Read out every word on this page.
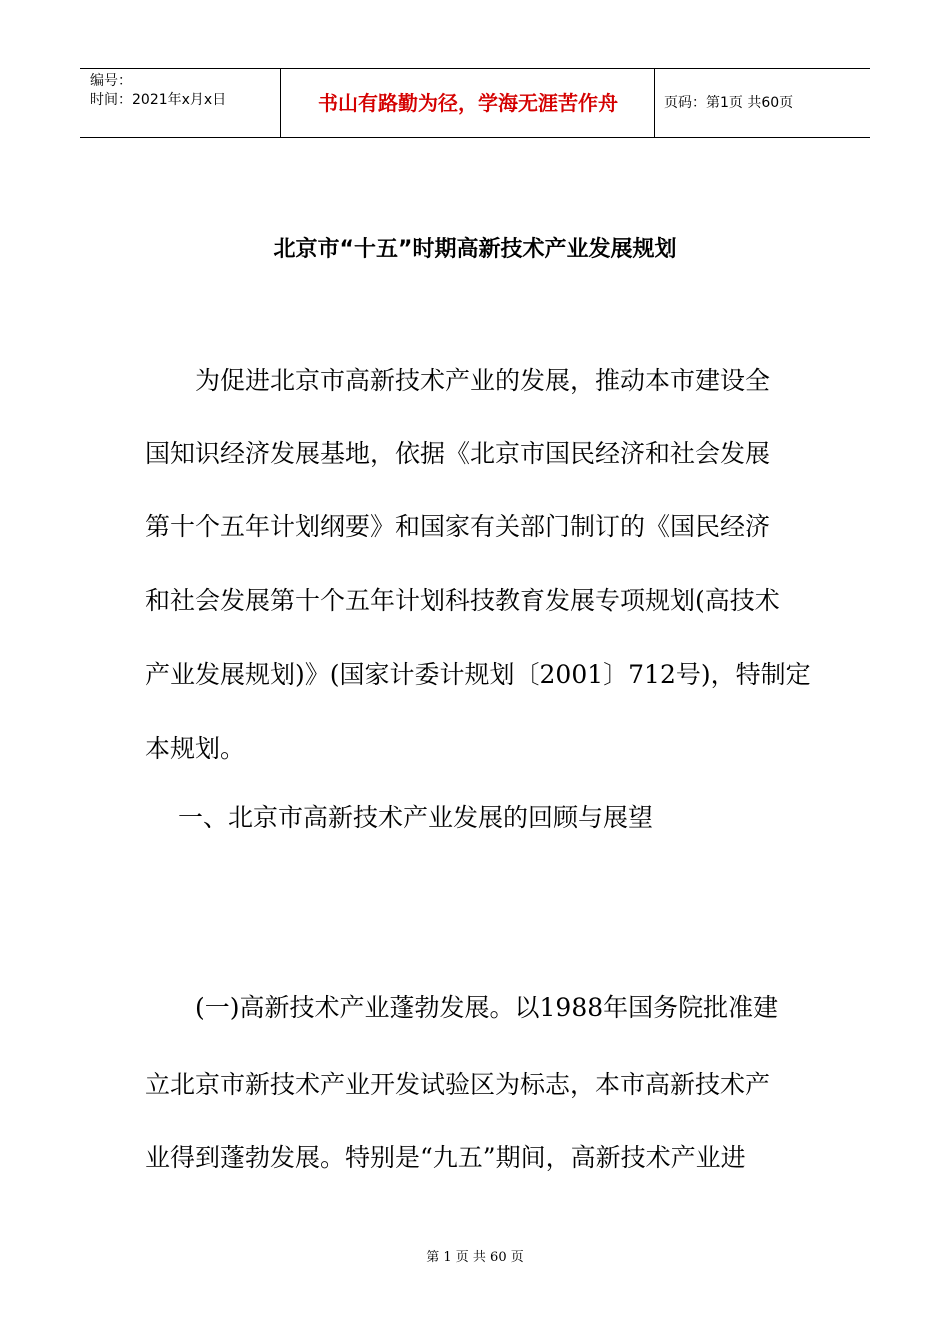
编号：
时间：2021年x月x日	书山有路勤为径，学海无涯苦作舟	页码：第1页 共60页
北京市“十五”时期高新技术产业发展规划
为促进北京市高新技术产业的发展，推动本市建设全
国知识经济发展基地，依据《北京市国民经济和社会发展
第十个五年计划纲要》和国家有关部门制订的《国民经济
和社会发展第十个五年计划科技教育发展专项规划(高技术
产业发展规划)》(国家计委计规划〔2001〕712号)，特制定
本规划。
一、北京市高新技术产业发展的回顾与展望
(一)高新技术产业蓬勃发展。以1988年国务院批准建
立北京市新技术产业开发试验区为标志，本市高新技术产
业得到蓬勃发展。特别是“九五”期间，高新技术产业进
第 1 页 共 60 页
